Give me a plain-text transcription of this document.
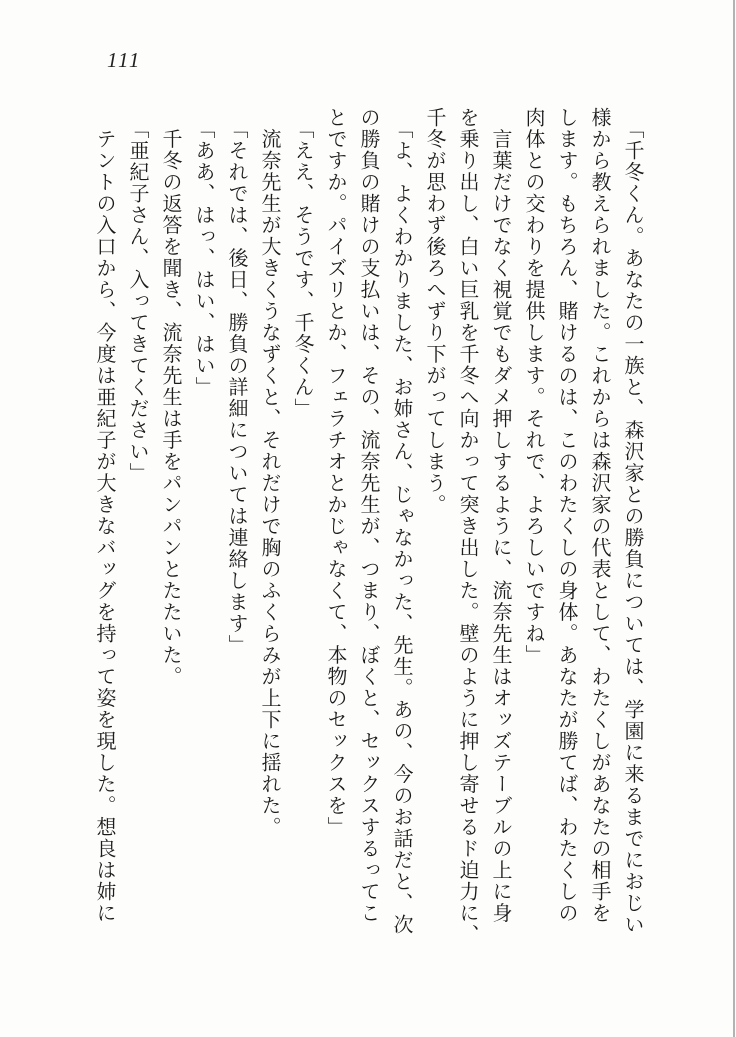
111
　「千冬くん。あなたの一族と、森沢家との勝負については、学園に来るまでにおじい
様から教えられました。これからは森沢家の代表として、わたくしがあなたの相手を
します。もちろん、賭けるのは、このわたくしの身体。あなたが勝てば、わたくしの
肉体との交わりを提供します。それで、よろしいですね」
　言葉だけでなく視覚でもダメ押しするように、流奈先生はオッズテーブルの上に身
を乗り出し、白い巨乳を千冬へ向かって突き出した。壁のように押し寄せるド迫力に、
千冬が思わず後ろへずり下がってしまう。
　「よ、よくわかりました、お姉さん、じゃなかった、先生。あの、今のお話だと、次
の勝負の賭けの支払いは、その、流奈先生が、つまり、ぼくと、セックスするってこ
とですか。パイズリとか、フェラチオとかじゃなくて、本物のセックスを」
　「ええ、そうです、千冬くん」
　流奈先生が大きくうなずくと、それだけで胸のふくらみが上下に揺れた。
　「それでは、後日、勝負の詳細については連絡します」
　「ああ、はっ、はい、はい」
　千冬の返答を聞き、流奈先生は手をパンパンとたたいた。
　「亜紀子さん、入ってきてください」
　テントの入口から、今度は亜紀子が大きなバッグを持って姿を現した。想良は姉に
